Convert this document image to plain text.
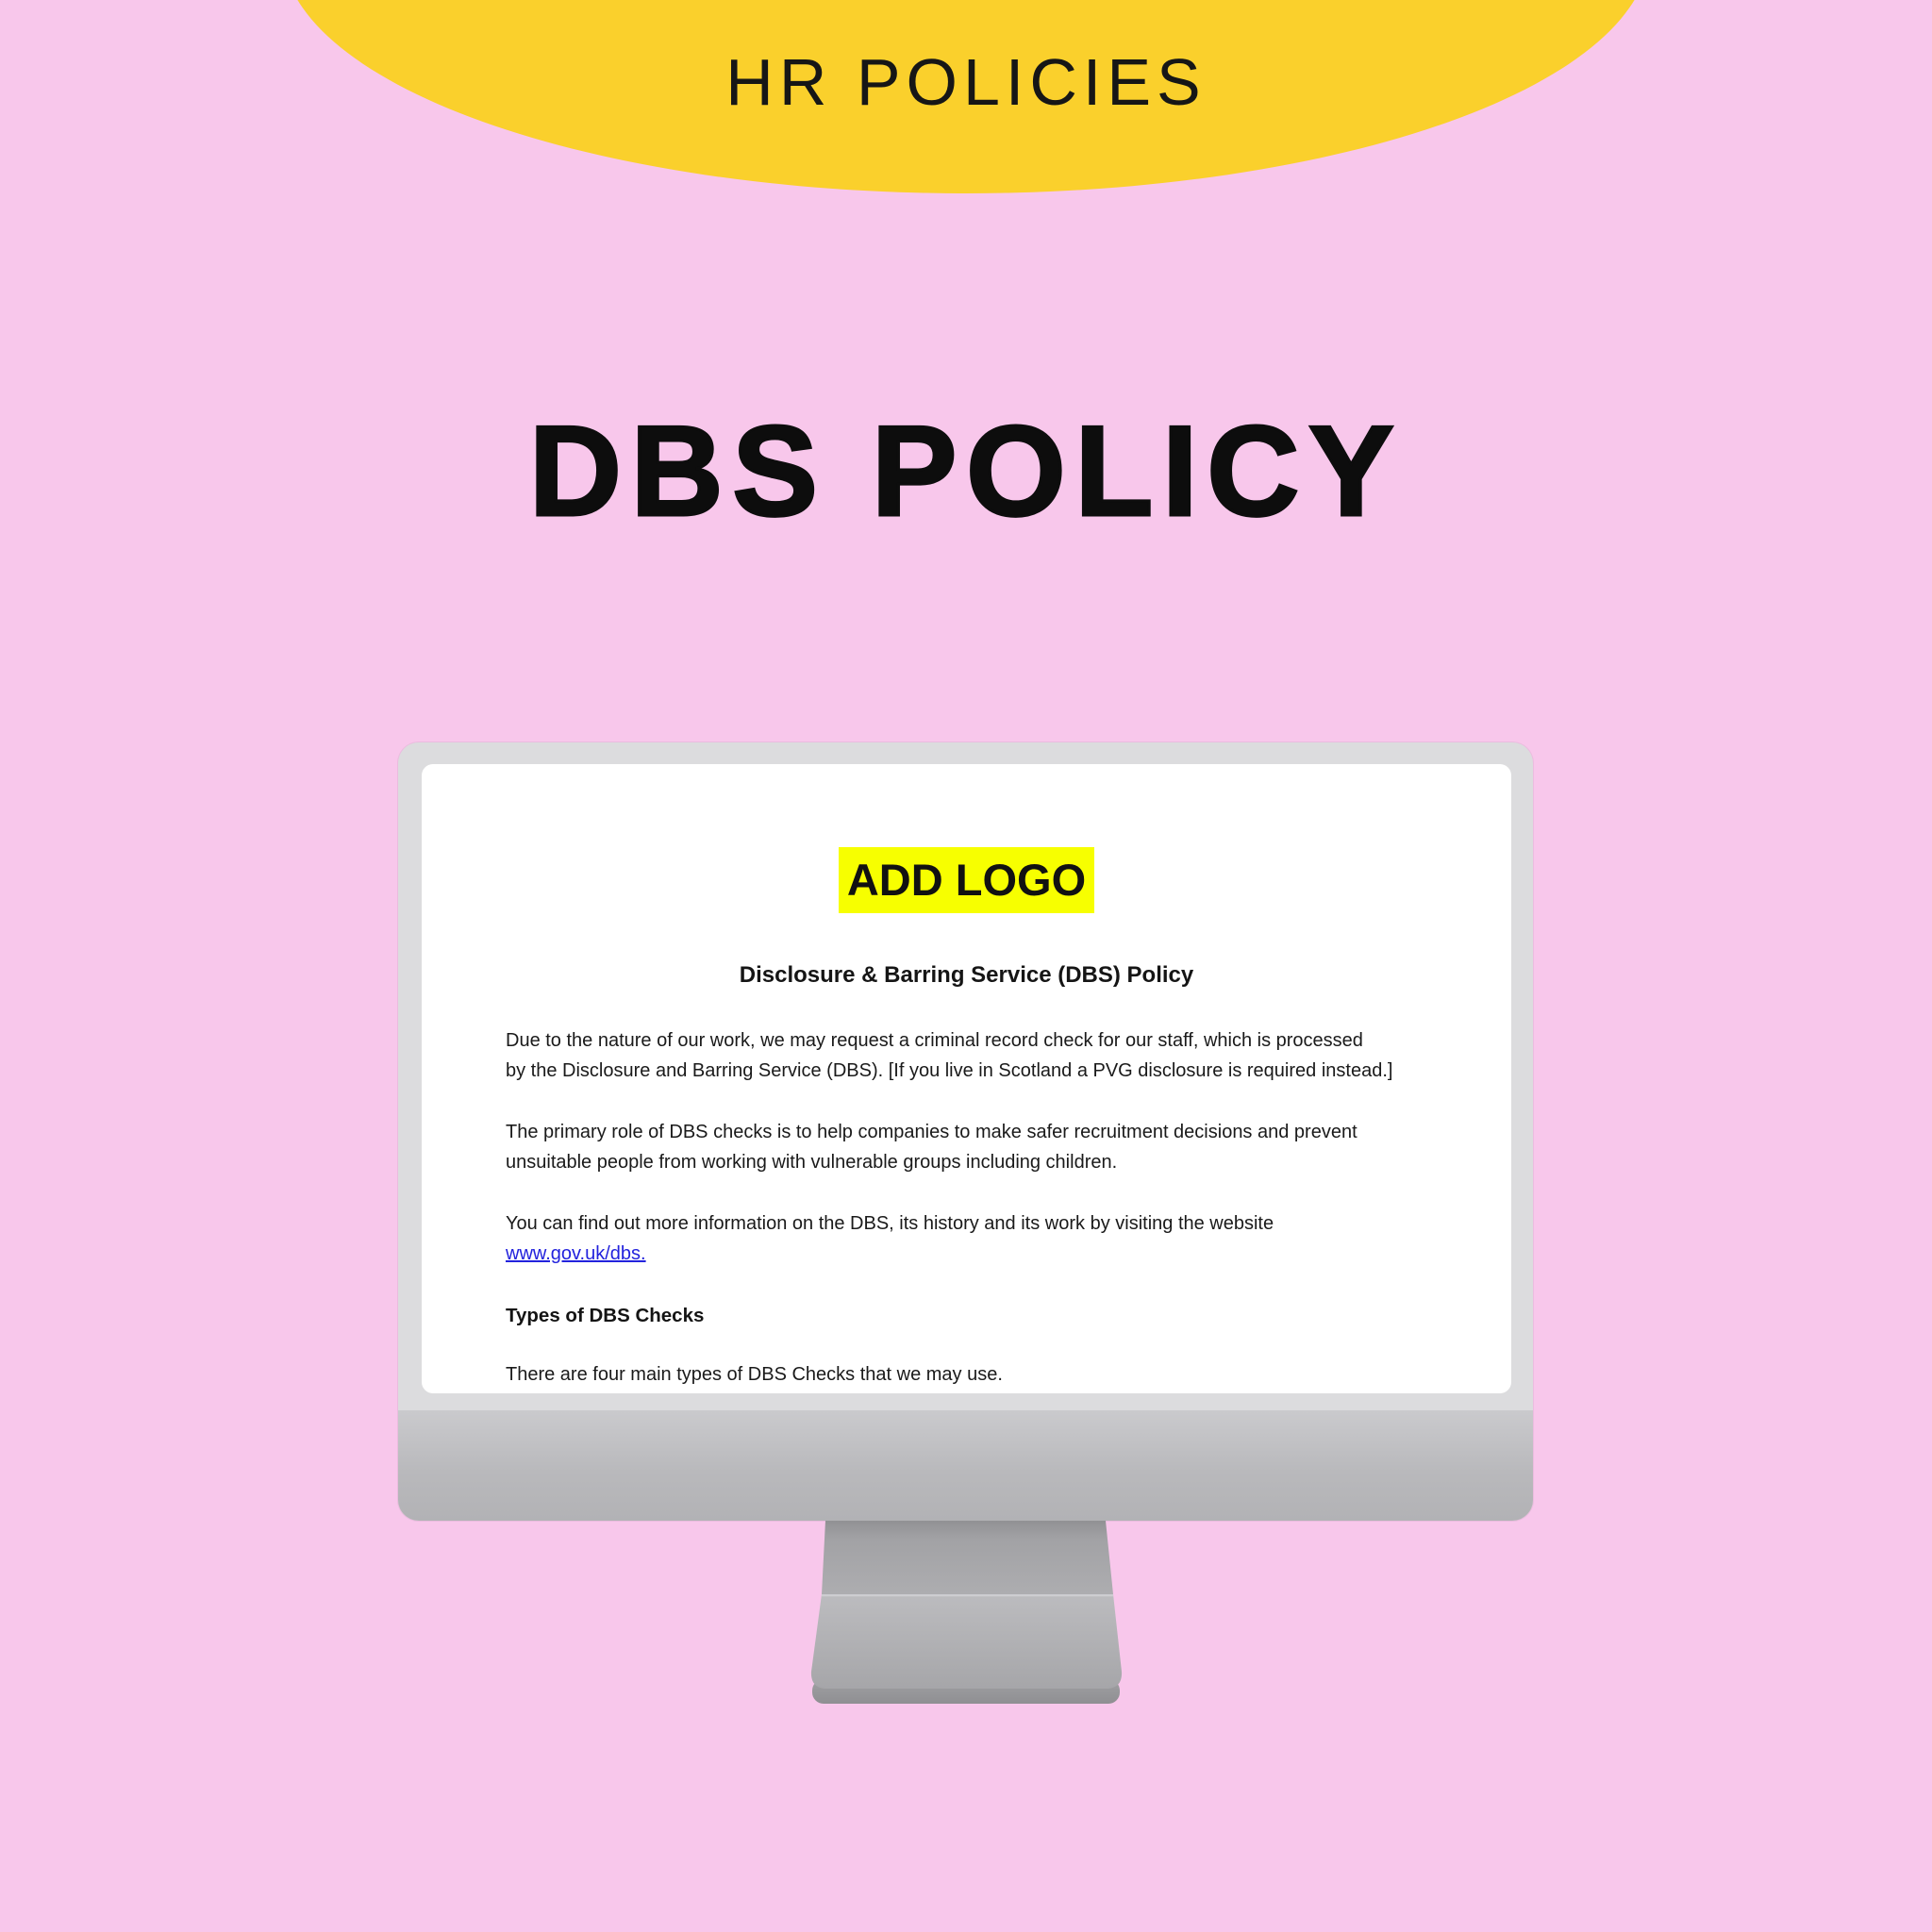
HR POLICIES
DBS POLICY
ADD LOGO
Disclosure & Barring Service (DBS) Policy
Due to the nature of our work, we may request a criminal record check for our staff, which is processed
by the Disclosure and Barring Service (DBS). [If you live in Scotland a PVG disclosure is required instead.]
The primary role of DBS checks is to help companies to make safer recruitment decisions and prevent
unsuitable people from working with vulnerable groups including children.
You can find out more information on the DBS, its history and its work by visiting the website
www.gov.uk/dbs.
Types of DBS Checks
There are four main types of DBS Checks that we may use.
